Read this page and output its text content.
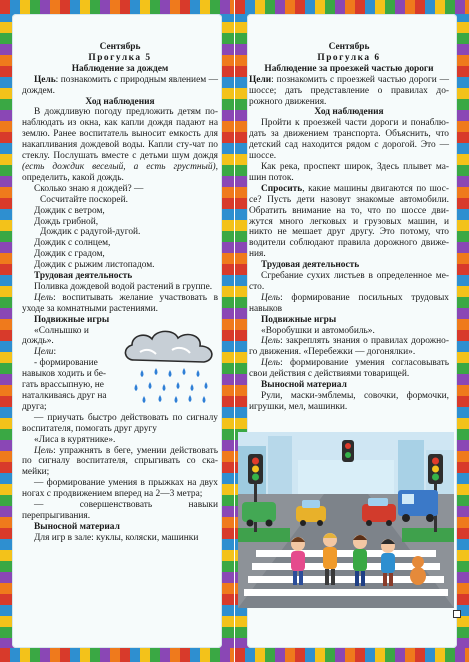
Сентябрь

Прогулка 5

Наблюдение за дождем

Цель: познакомить с природным явлением — дождем.

Ход наблюдения

В дождливую погоду предложить детям по-наблюдать из окна, как капли дождя падают на землю. Ранее воспитатель выносит емкость для накапливания дождевой воды. Капли сту-чат по стеклу. Послушать вместе с детьми шум дождя (есть дождик веселый, а есть грустный), определить, какой дождь.

Сколько знаю я дождей? —

Сосчитайте поскорей.

Дождик с ветром,

Дождь грибной,

Дождик с радугой-дугой.

Дождик с солнцем,

Дождик с градом,

Дождик с рыжим листопадом.

Трудовая деятельность

Поливка дождевой водой растений в группе.

Цель: воспитывать желание участвовать в уходе за комнатными растениями.

Подвижные игры

«Солнышко и дождь».

Цели:

- формирование навыков ходить и бе-гать врассыпную, не наталкиваясь друг на друга;

— приучать быстро действовать по сигналу воспитателя, помогать друг другу

«Лиса в курятнике».

Цель: упражнять в беге, умении действовать по сигналу воспитателя, спрыгивать со ска-мейки;

— формирование умения в прыжках на двух ногах с продвижением вперед на 2—3 метра;

— совершенствовать навыки перепрыгивания.

Выносной материал

Для игр в зале: куклы, коляски, машинки

Сентябрь

Прогулка 6

Наблюдение за проезжей частью дороги

Цели: познакомить с проезжей частью дороги — шоссе; дать представление о правилах до-рожного движения.

Ход наблюдения

Пройти к проезжей части дороги и понаблю-дать за движением транспорта. Объяснить, что детский сад находится рядом с дорогой. Это — шоссе.

Как река, проспект широк, Здесь плывет ма-шин поток.

Спросить, какие машины двигаются по шос-се? Пусть дети назовут знакомые автомобили. Обратить внимание на то, что по шоссе дви-жутся много легковых и грузовых машин, и никто не мешает друг другу. Это потому, что водители соблюдают правила дорожного движе-ния.

Трудовая деятельность

Сгребание сухих листьев в определенное ме-сто.

Цель: формирование посильных трудовых навыков

Подвижные игры

«Воробушки и автомобиль».

Цель: закреплять знания о правилах дорожно-го движения. «Перебежки — догонялки».

Цель: формирование умения согласовывать свои действия с действиями товарищей.

Выносной материал

Рули, маски-эмблемы, совочки, формочки, игрушки, мел, машинки.
